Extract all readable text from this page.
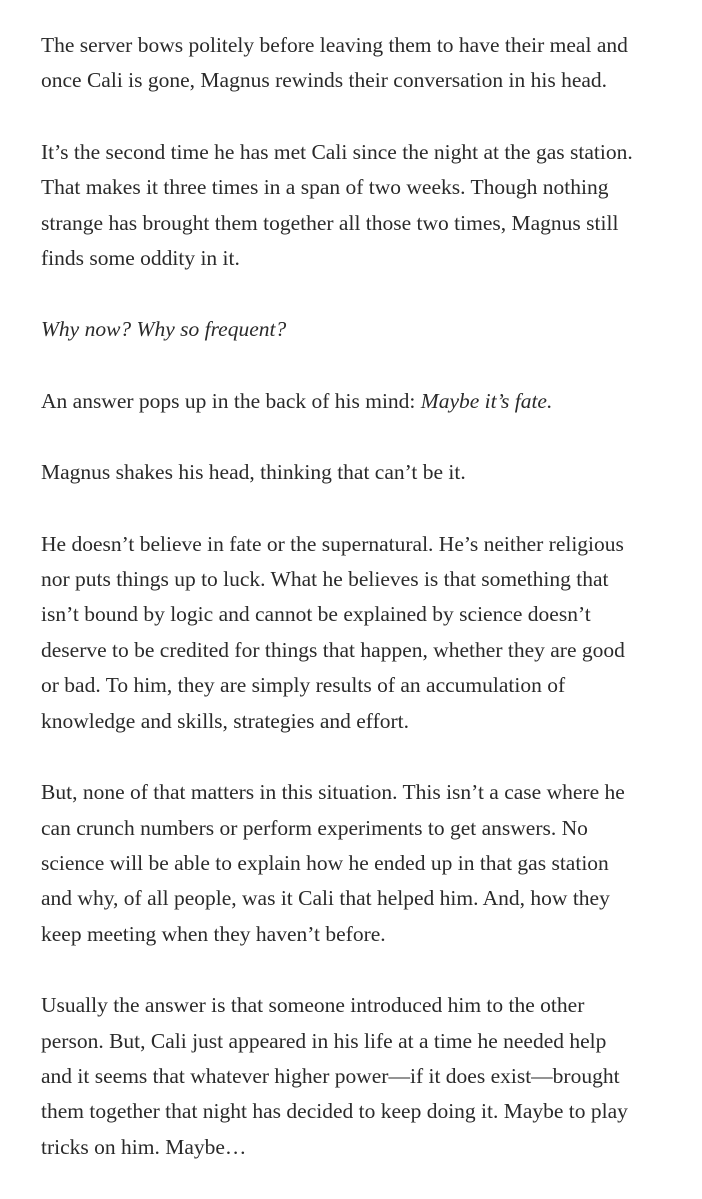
The server bows politely before leaving them to have their meal and
once Cali is gone, Magnus rewinds their conversation in his head.

It’s the second time he has met Cali since the night at the gas station.
That makes it three times in a span of two weeks. Though nothing
strange has brought them together all those two times, Magnus still
finds some oddity in it.

Why now? Why so frequent?

An answer pops up in the back of his mind: Maybe it’s fate.

Magnus shakes his head, thinking that can’t be it.

He doesn’t believe in fate or the supernatural. He’s neither religious
nor puts things up to luck. What he believes is that something that
isn’t bound by logic and cannot be explained by science doesn’t
deserve to be credited for things that happen, whether they are good
or bad. To him, they are simply results of an accumulation of
knowledge and skills, strategies and effort.

But, none of that matters in this situation. This isn’t a case where he
can crunch numbers or perform experiments to get answers. No
science will be able to explain how he ended up in that gas station
and why, of all people, was it Cali that helped him. And, how they
keep meeting when they haven’t before.

Usually the answer is that someone introduced him to the other
person. But, Cali just appeared in his life at a time he needed help
and it seems that whatever higher power—if it does exist—brought
them together that night has decided to keep doing it. Maybe to play
tricks on him. Maybe…
